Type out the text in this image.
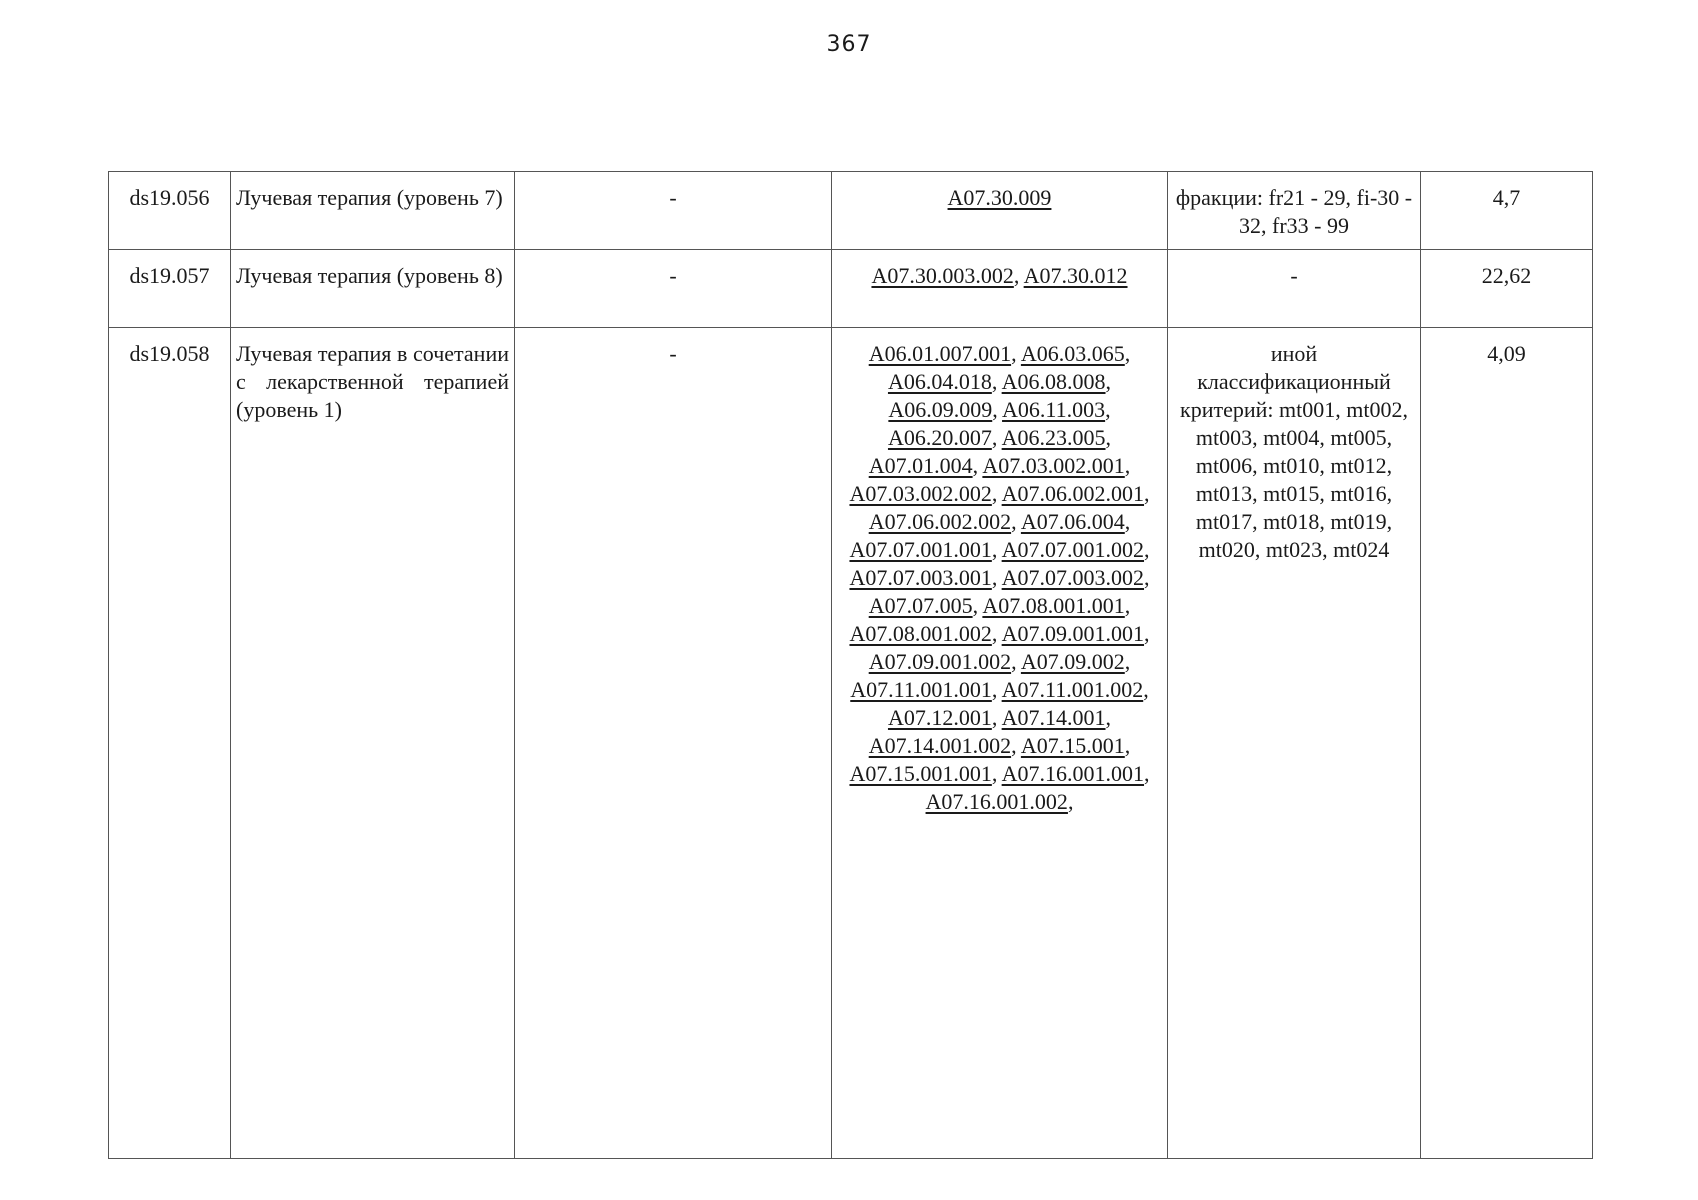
367
ds19.056	Лучевая терапия (уровень 7)	-	A07.30.009	фракции: fr21 - 29, fi-30 - 32, fr33 - 99	4,7
ds19.057	Лучевая терапия (уровень 8)	-	A07.30.003.002, A07.30.012	-	22,62
ds19.058	Лучевая терапия в сочетании с лекарственной терапией (уровень 1)	-	A06.01.007.001, A06.03.065, A06.04.018, A06.08.008, A06.09.009, A06.11.003, A06.20.007, A06.23.005, A07.01.004, A07.03.002.001, A07.03.002.002, A07.06.002.001, A07.06.002.002, A07.06.004, A07.07.001.001, A07.07.001.002, A07.07.003.001, A07.07.003.002, A07.07.005, A07.08.001.001, A07.08.001.002, A07.09.001.001, A07.09.001.002, A07.09.002, A07.11.001.001, A07.11.001.002, A07.12.001, A07.14.001, A07.14.001.002, A07.15.001, A07.15.001.001, A07.16.001.001, A07.16.001.002,	иной классификационный критерий: mt001, mt002, mt003, mt004, mt005, mt006, mt010, mt012, mt013, mt015, mt016, mt017, mt018, mt019, mt020, mt023, mt024	4,09
